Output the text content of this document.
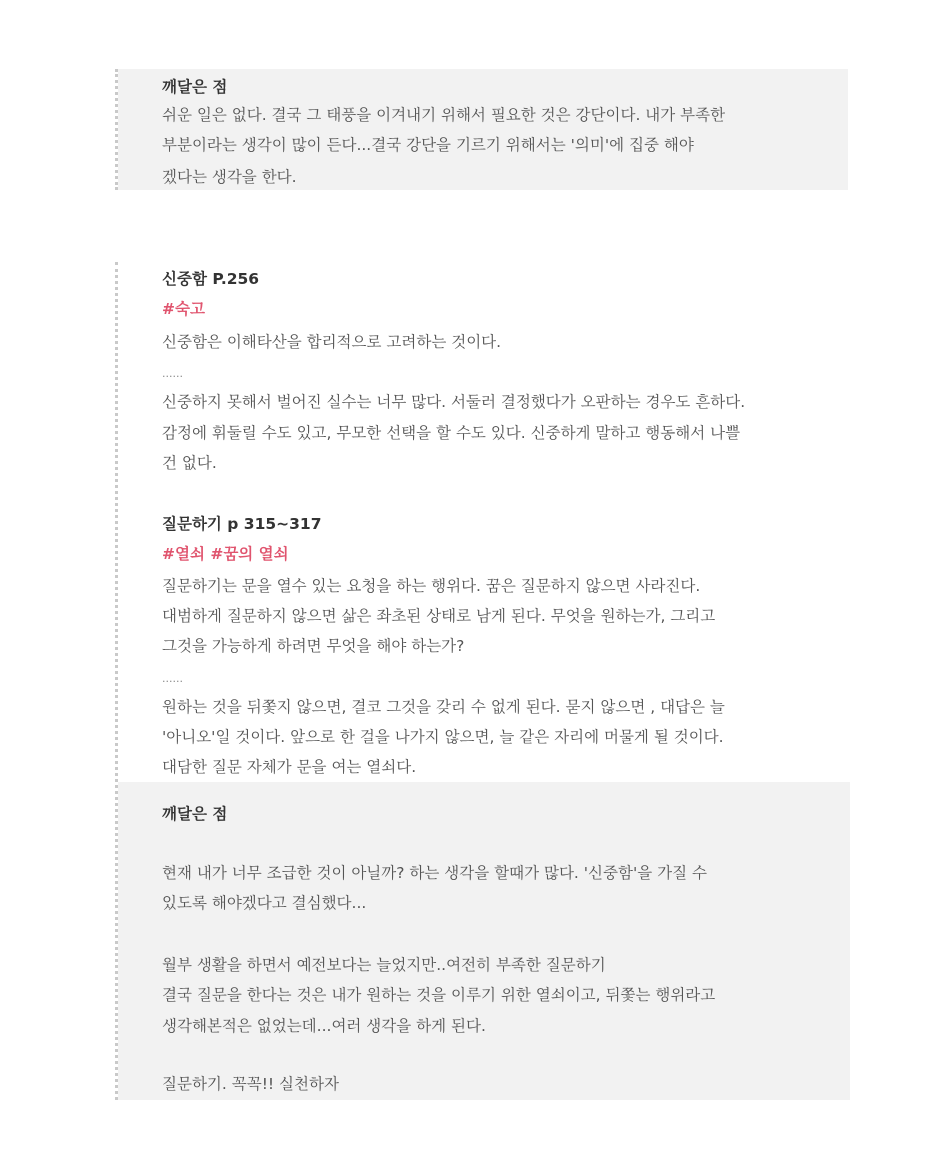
깨달은 점
쉬운 일은 없다. 결국 그 태풍을 이겨내기 위해서 필요한 것은 강단이다. 내가 부족한
부분이라는 생각이 많이 든다...결국 강단을 기르기 위해서는 '의미'에 집중 해야
겠다는 생각을 한다.
신중함 P.256
#숙고
신중함은 이해타산을 합리적으로 고려하는 것이다.
......
신중하지 못해서 벌어진 실수는 너무 많다. 서둘러 결정했다가 오판하는 경우도 흔하다.
감정에 휘둘릴 수도 있고, 무모한 선택을 할 수도 있다. 신중하게 말하고 행동해서 나쁠
건 없다.
질문하기 p 315~317
#열쇠 #꿈의 열쇠
질문하기는 문을 열수 있는 요청을 하는 행위다. 꿈은 질문하지 않으면 사라진다.
대범하게 질문하지 않으면 삶은 좌초된 상태로 남게 된다. 무엇을 원하는가, 그리고
그것을 가능하게 하려면 무엇을 해야 하는가?
......
원하는 것을 뒤쫓지 않으면, 결코 그것을 갖리 수 없게 된다. 묻지 않으면 , 대답은 늘
'아니오'일 것이다. 앞으로 한 걸을 나가지 않으면, 늘 같은 자리에 머물게 될 것이다.
대담한 질문 자체가 문을 여는 열쇠다.
깨달은 점
현재 내가 너무 조급한 것이 아닐까? 하는 생각을 할때가 많다. '신중함'을 가질 수
있도록 해야겠다고 결심했다...
월부 생활을 하면서 예전보다는 늘었지만..여전히 부족한 질문하기
결국 질문을 한다는 것은 내가 원하는 것을 이루기 위한 열쇠이고, 뒤쫓는 행위라고
생각해본적은 없었는데...여러 생각을 하게 된다.
질문하기. 꼭꼭!! 실천하자
